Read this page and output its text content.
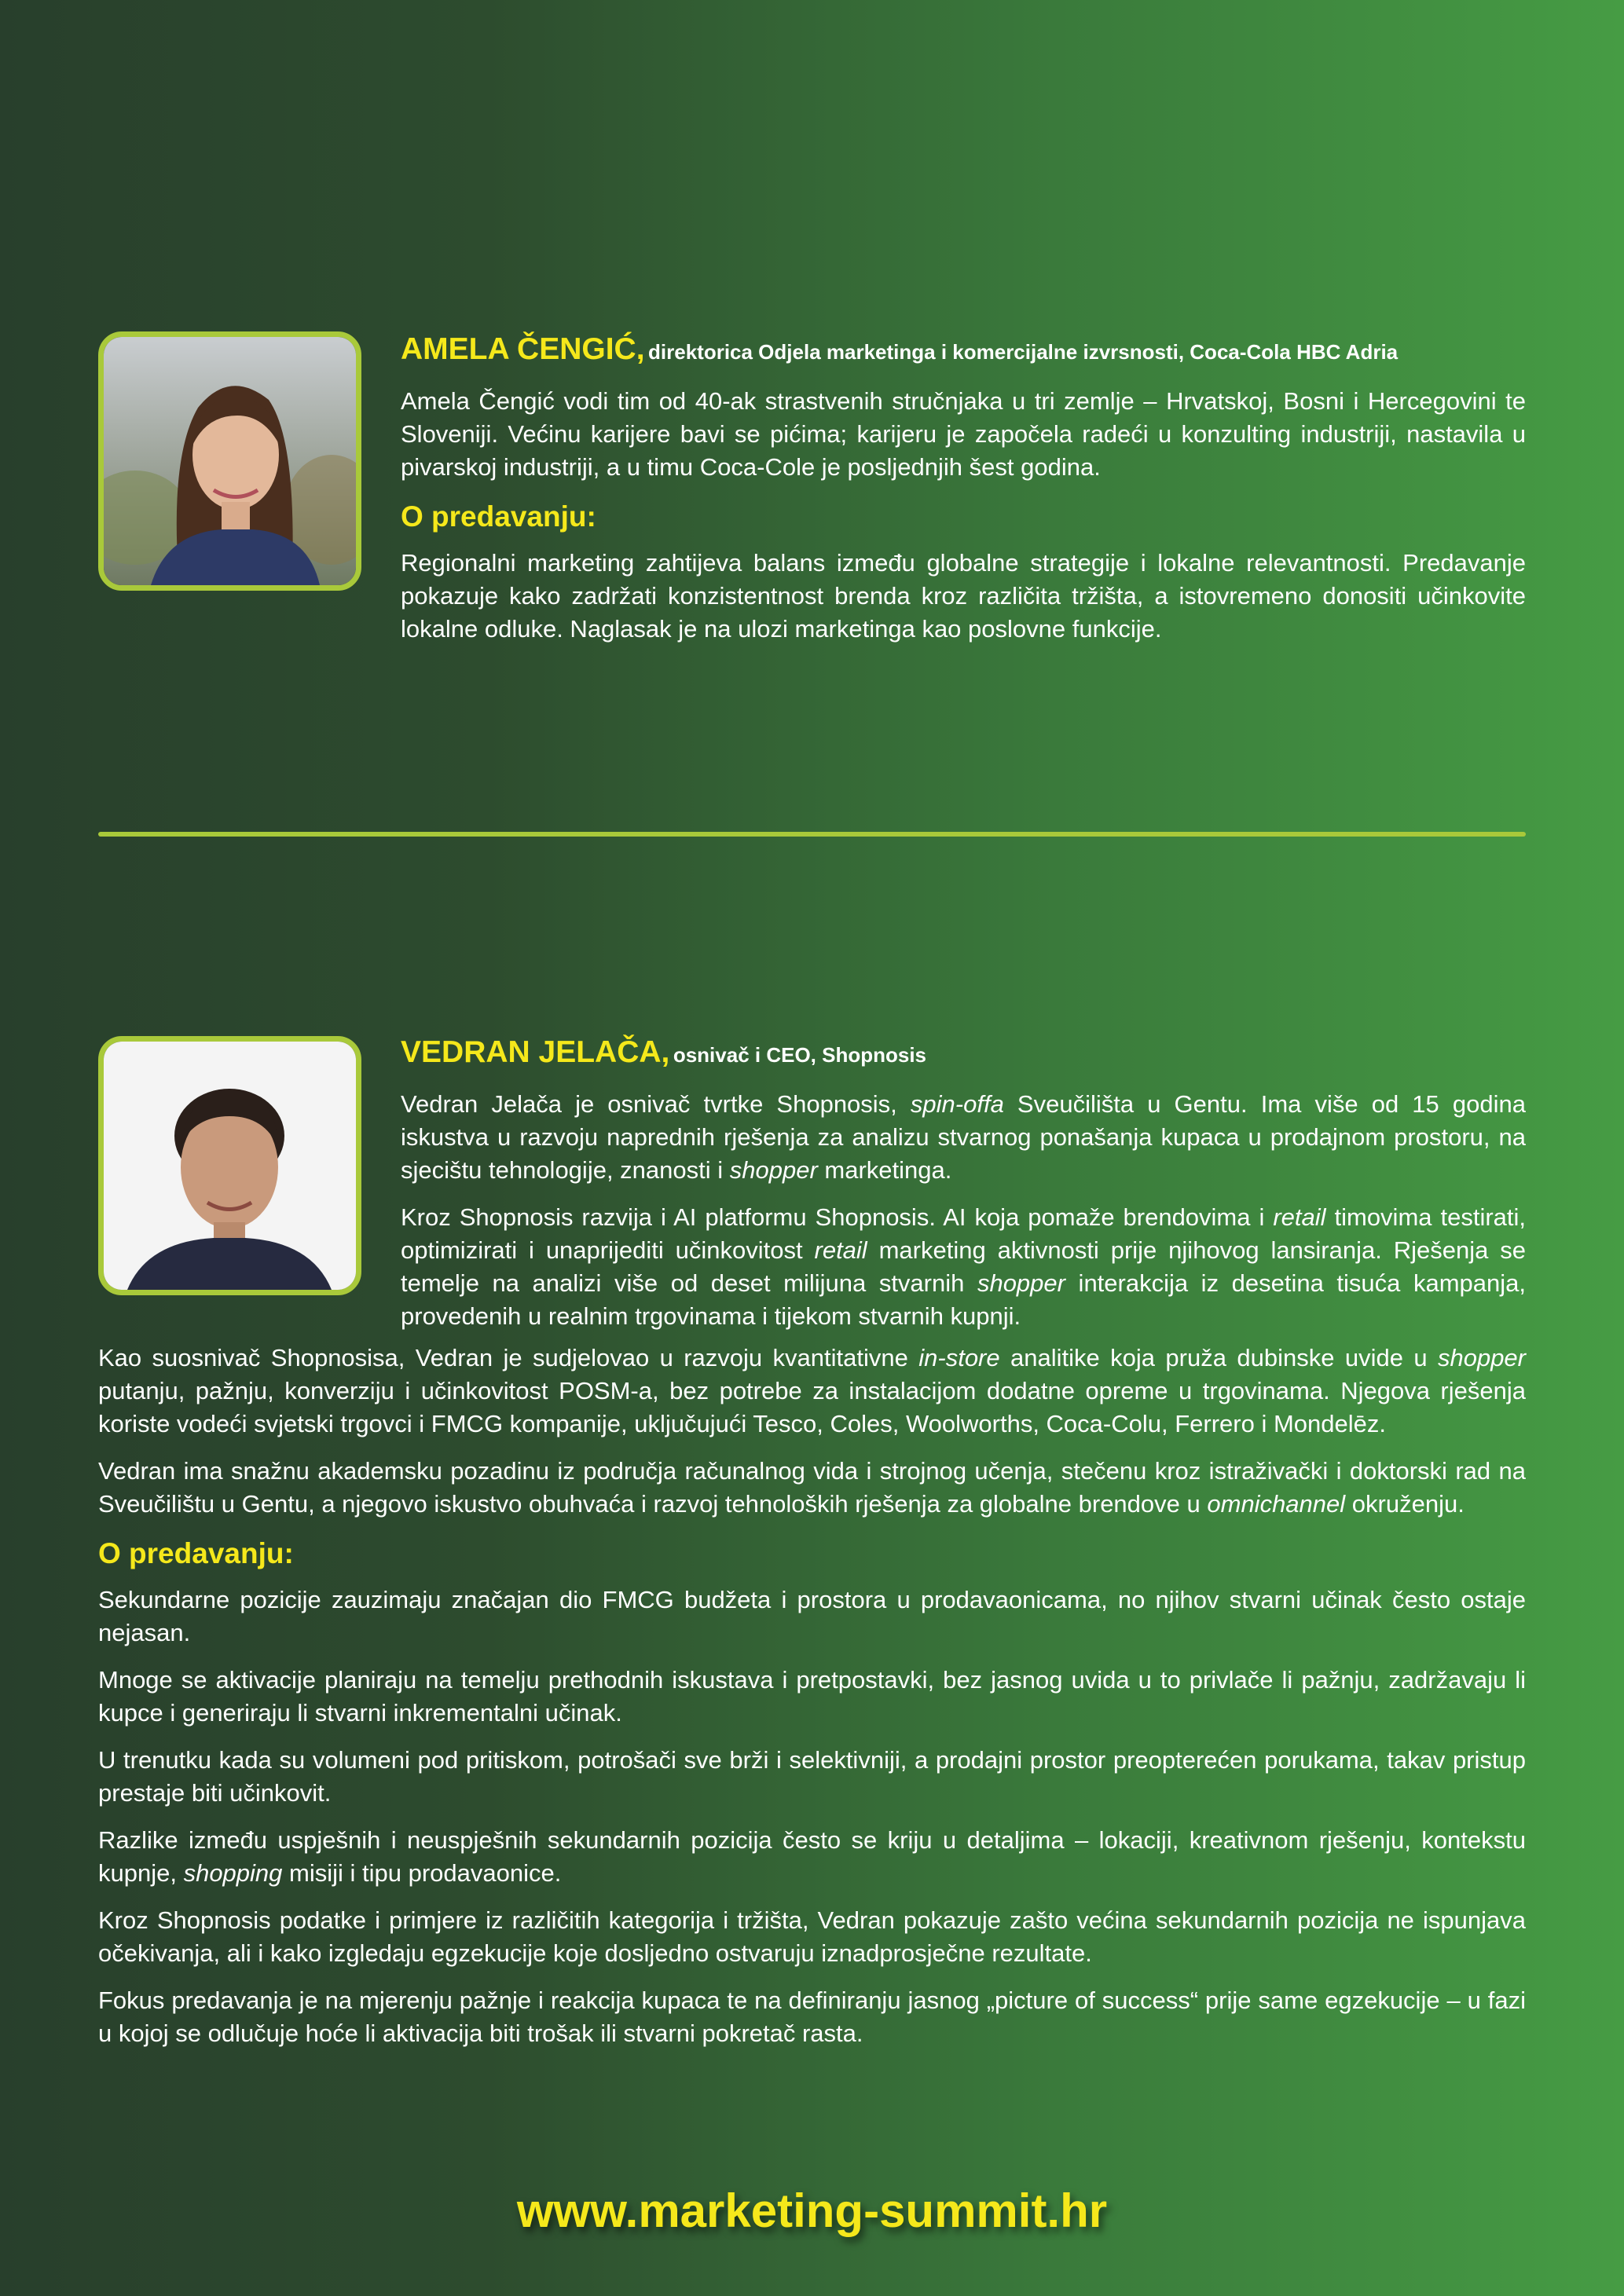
AMELA ČENGIĆ, direktorica Odjela marketinga i komercijalne izvrsnosti, Coca-Cola HBC Adria

Amela Čengić vodi tim od 40-ak strastvenih stručnjaka u tri zemlje – Hrvatskoj, Bosni i Hercegovini te Sloveniji. Većinu karijere bavi se pićima; karijeru je započela radeći u konzulting industriji, nastavila u pivarskoj industriji, a u timu Coca-Cole je posljednjih šest godina.

O predavanju:

Regionalni marketing zahtijeva balans između globalne strategije i lokalne relevantnosti. Predavanje pokazuje kako zadržati konzistentnost brenda kroz različita tržišta, a istovremeno donositi učinkovite lokalne odluke. Naglasak je na ulozi marketinga kao poslovne funkcije.

VEDRAN JELAČA, osnivač i CEO, Shopnosis

Vedran Jelača je osnivač tvrtke Shopnosis, spin-offa Sveučilišta u Gentu. Ima više od 15 godina iskustva u razvoju naprednih rješenja za analizu stvarnog ponašanja kupaca u prodajnom prostoru, na sjecištu tehnologije, znanosti i shopper marketinga.

Kroz Shopnosis razvija i AI platformu Shopnosis. AI koja pomaže brendovima i retail timovima testirati, optimizirati i unaprijediti učinkovitost retail marketing aktivnosti prije njihovog lansiranja. Rješenja se temelje na analizi više od deset milijuna stvarnih shopper interakcija iz desetina tisuća kampanja, provedenih u realnim trgovinama i tijekom stvarnih kupnji.

Kao suosnivač Shopnosisa, Vedran je sudjelovao u razvoju kvantitativne in-store analitike koja pruža dubinske uvide u shopper putanju, pažnju, konverziju i učinkovitost POSM-a, bez potrebe za instalacijom dodatne opreme u trgovinama. Njegova rješenja koriste vodeći svjetski trgovci i FMCG kompanije, uključujući Tesco, Coles, Woolworths, Coca-Colu, Ferrero i Mondelēz.

Vedran ima snažnu akademsku pozadinu iz područja računalnog vida i strojnog učenja, stečenu kroz istraživački i doktorski rad na Sveučilištu u Gentu, a njegovo iskustvo obuhvaća i razvoj tehnoloških rješenja za globalne brendove u omnichannel okruženju.

O predavanju:

Sekundarne pozicije zauzimaju značajan dio FMCG budžeta i prostora u prodavaonicama, no njihov stvarni učinak često ostaje nejasan.

Mnoge se aktivacije planiraju na temelju prethodnih iskustava i pretpostavki, bez jasnog uvida u to privlače li pažnju, zadržavaju li kupce i generiraju li stvarni inkrementalni učinak.

U trenutku kada su volumeni pod pritiskom, potrošači sve brži i selektivniji, a prodajni prostor preopterećen porukama, takav pristup prestaje biti učinkovit.

Razlike između uspješnih i neuspješnih sekundarnih pozicija često se kriju u detaljima – lokaciji, kreativnom rješenju, kontekstu kupnje, shopping misiji i tipu prodavaonice.

Kroz Shopnosis podatke i primjere iz različitih kategorija i tržišta, Vedran pokazuje zašto većina sekundarnih pozicija ne ispunjava očekivanja, ali i kako izgledaju egzekucije koje dosljedno ostvaruju iznadprosječne rezultate.

Fokus predavanja je na mjerenju pažnje i reakcija kupaca te na definiranju jasnog „picture of success“ prije same egzekucije – u fazi u kojoj se odlučuje hoće li aktivacija biti trošak ili stvarni pokretač rasta.

www.marketing-summit.hr
